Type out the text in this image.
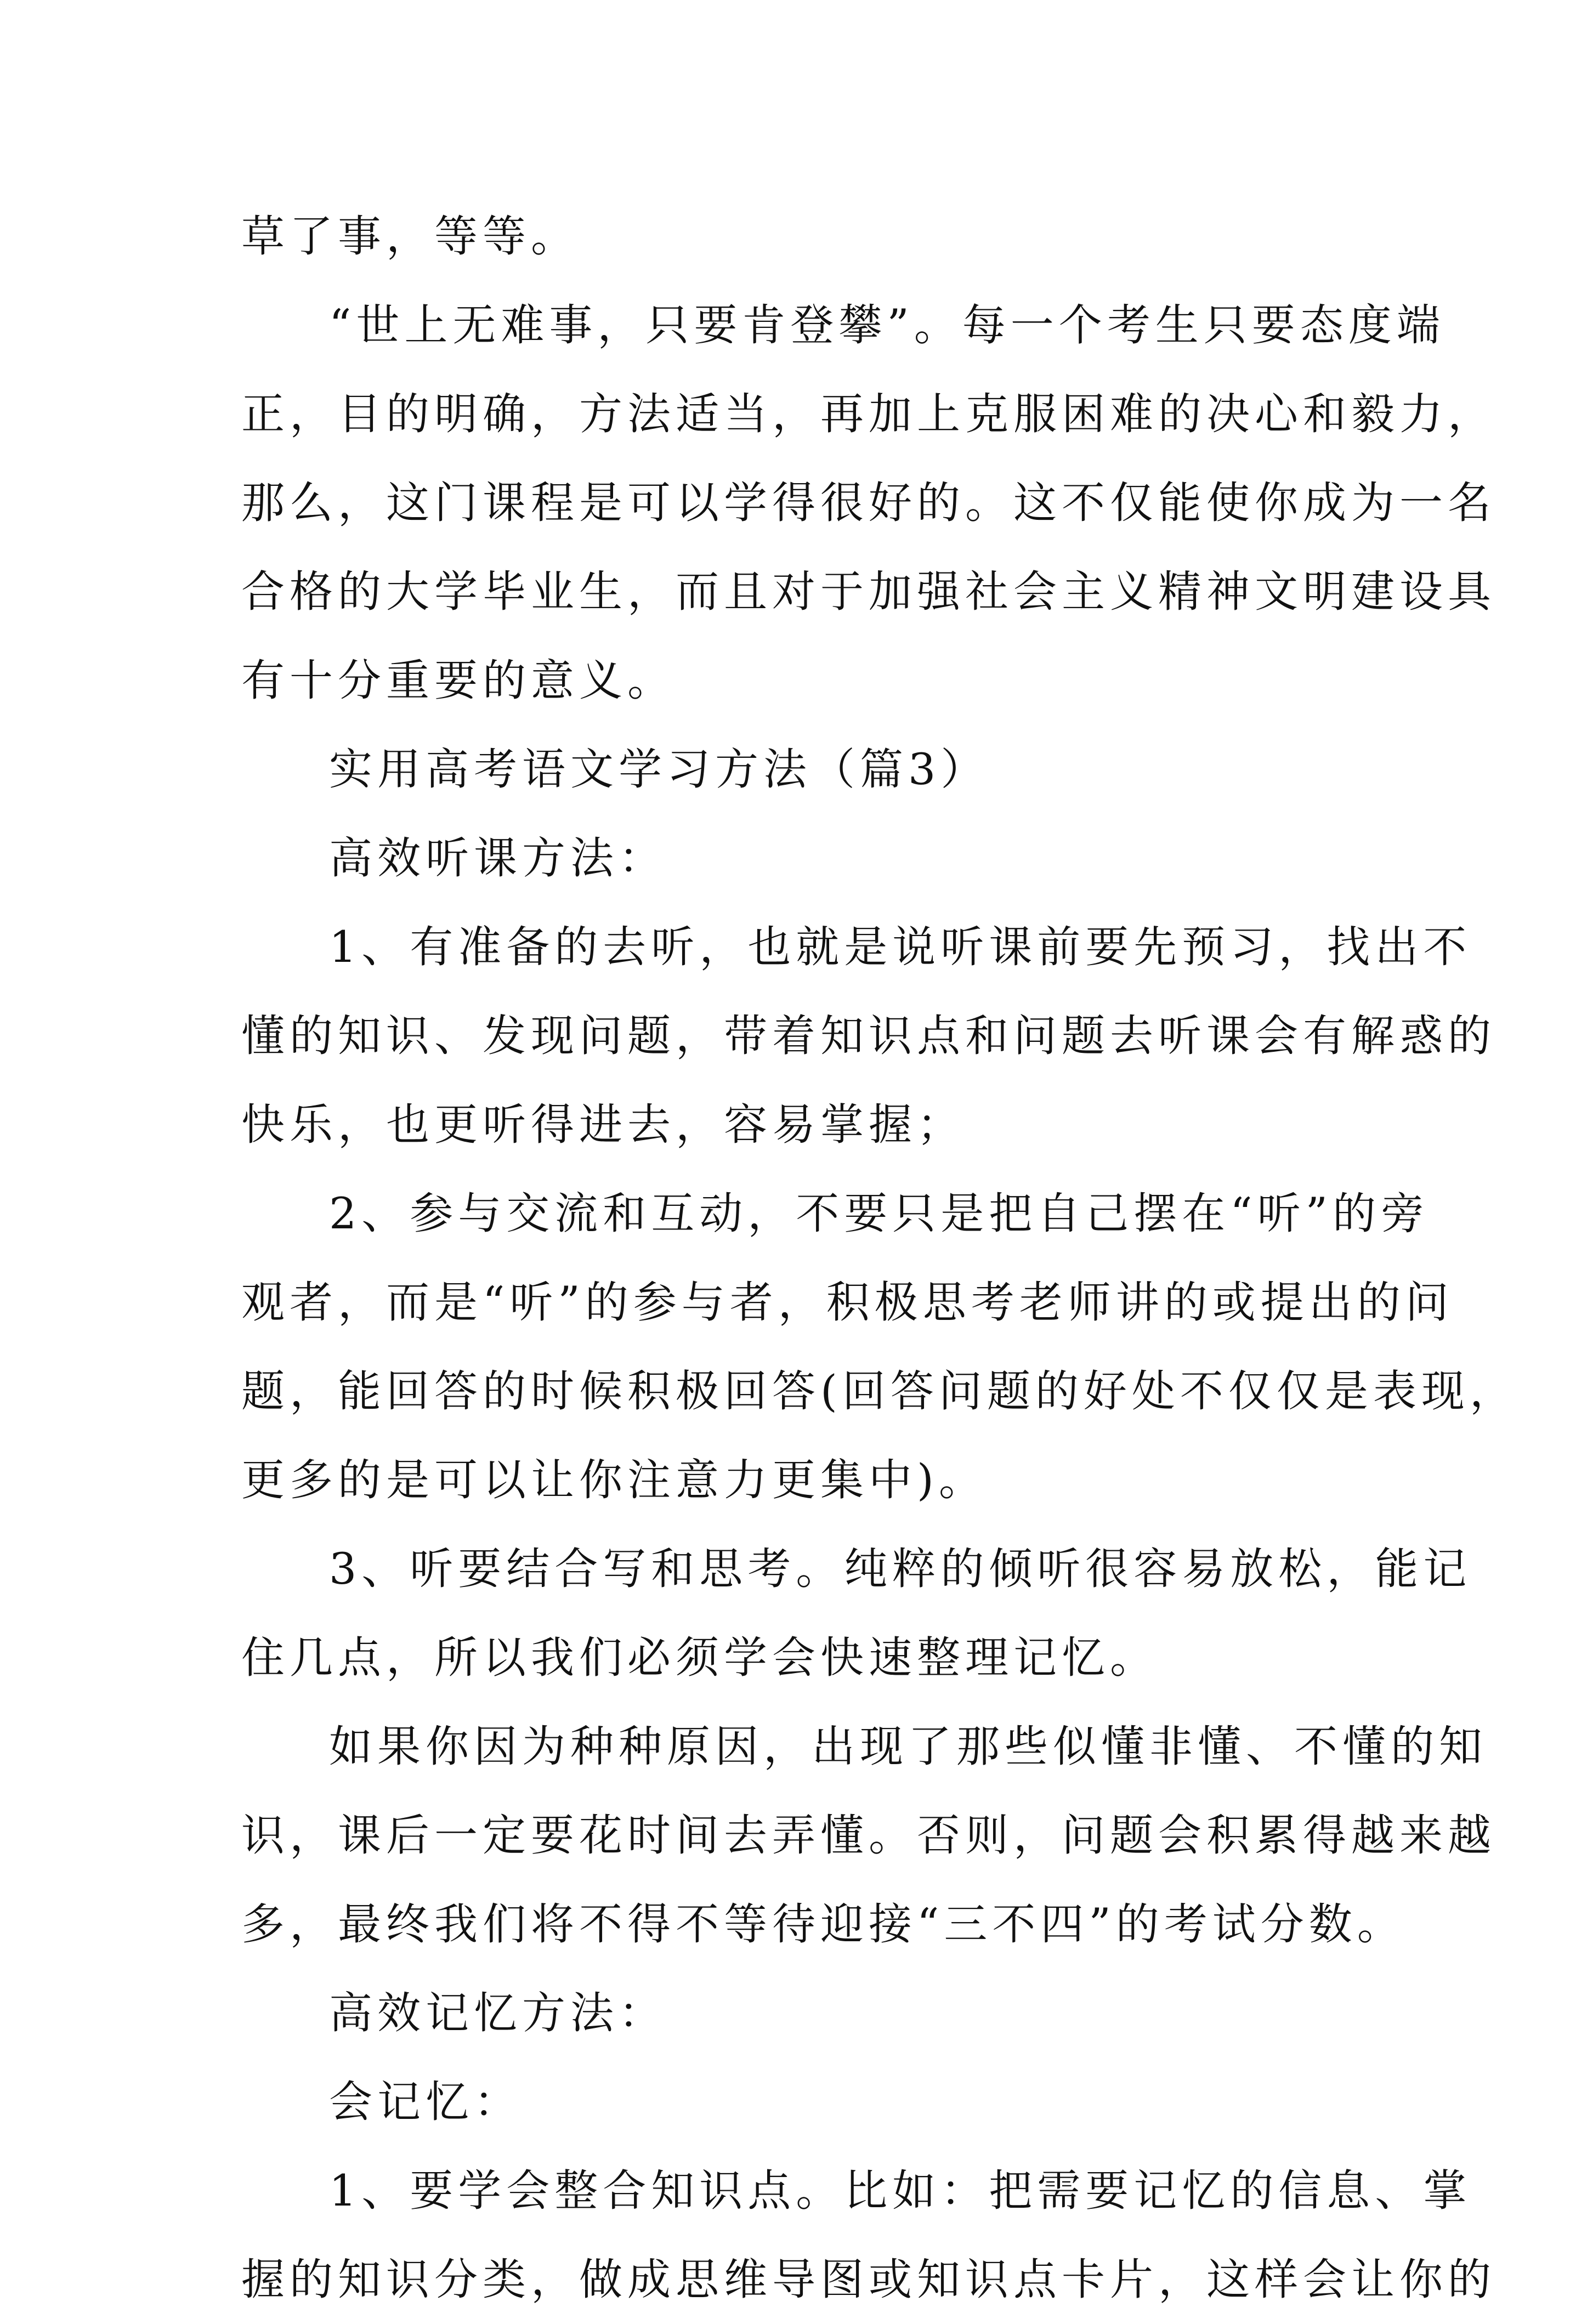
草了事，等等。

“世上无难事，只要肯登攀”。每一个考生只要态度端

正，目的明确，方法适当，再加上克服困难的决心和毅力，

那么，这门课程是可以学得很好的。这不仅能使你成为一名

合格的大学毕业生，而且对于加强社会主义精神文明建设具

有十分重要的意义。

实用高考语文学习方法（篇3）

高效听课方法：

1、有准备的去听，也就是说听课前要先预习，找出不

懂的知识、发现问题，带着知识点和问题去听课会有解惑的

快乐，也更听得进去，容易掌握；

2、参与交流和互动，不要只是把自己摆在“听”的旁

观者，而是“听”的参与者，积极思考老师讲的或提出的问

题，能回答的时候积极回答(回答问题的好处不仅仅是表现，

更多的是可以让你注意力更集中)。

3、听要结合写和思考。纯粹的倾听很容易放松，能记

住几点，所以我们必须学会快速整理记忆。

如果你因为种种原因，出现了那些似懂非懂、不懂的知

识，课后一定要花时间去弄懂。否则，问题会积累得越来越

多，最终我们将不得不等待迎接“三不四”的考试分数。

高效记忆方法：

会记忆：

1、要学会整合知识点。比如：把需要记忆的信息、掌

握的知识分类，做成思维导图或知识点卡片，这样会让你的
